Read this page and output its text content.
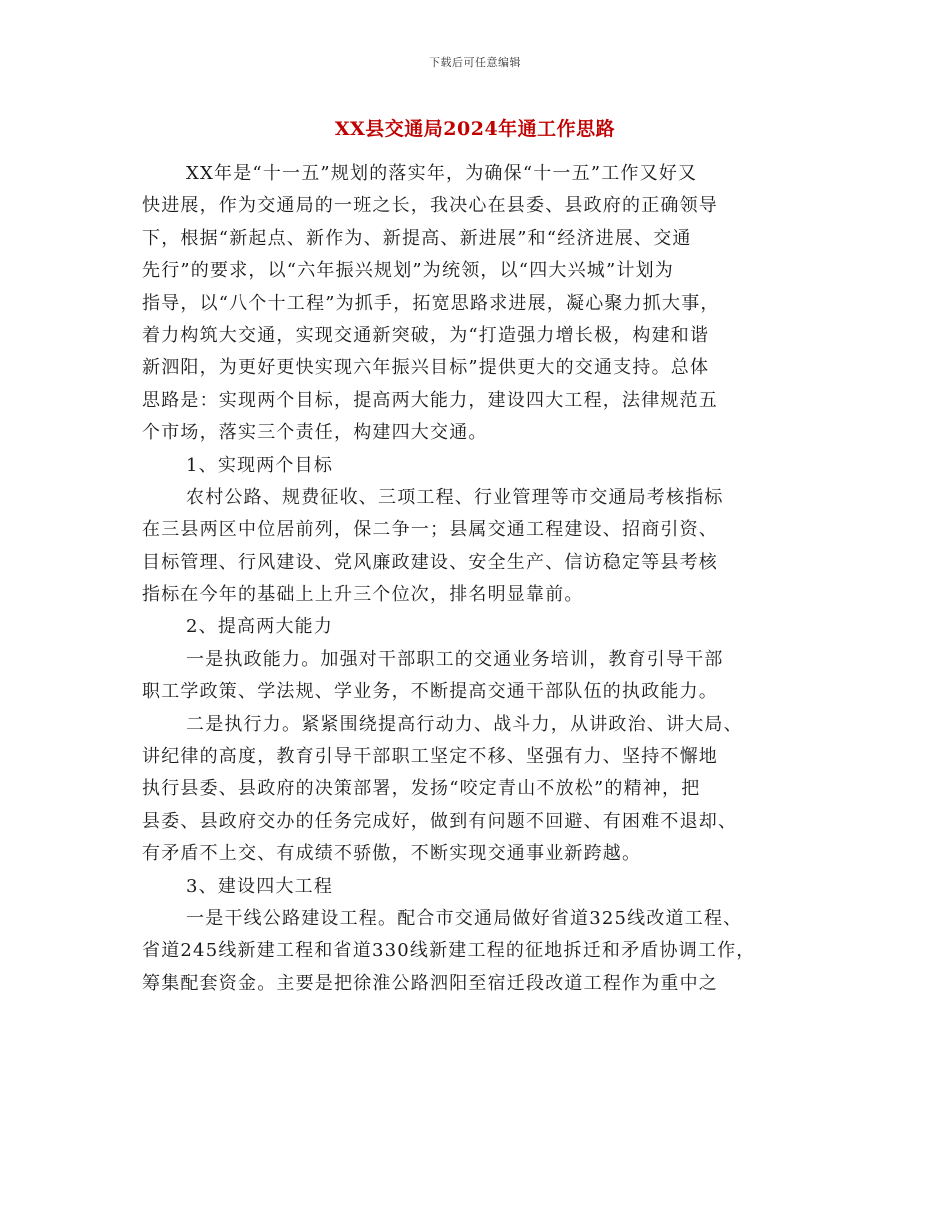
下载后可任意编辑
XX县交通局2024年通工作思路
XX年是“十一五”规划的落实年，为确保“十一五”工作又好又
快进展，作为交通局的一班之长，我决心在县委、县政府的正确领导
下，根据“新起点、新作为、新提高、新进展”和“经济进展、交通
先行”的要求，以“六年振兴规划”为统领，以“四大兴城”计划为
指导，以“八个十工程”为抓手，拓宽思路求进展，凝心聚力抓大事，
着力构筑大交通，实现交通新突破，为“打造强力增长极，构建和谐
新泗阳，为更好更快实现六年振兴目标”提供更大的交通支持。总体
思路是：实现两个目标，提高两大能力，建设四大工程，法律规范五
个市场，落实三个责任，构建四大交通。
1、实现两个目标
农村公路、规费征收、三项工程、行业管理等市交通局考核指标
在三县两区中位居前列，保二争一；县属交通工程建设、招商引资、
目标管理、行风建设、党风廉政建设、安全生产、信访稳定等县考核
指标在今年的基础上上升三个位次，排名明显靠前。
2、提高两大能力
一是执政能力。加强对干部职工的交通业务培训，教育引导干部
职工学政策、学法规、学业务，不断提高交通干部队伍的执政能力。
二是执行力。紧紧围绕提高行动力、战斗力，从讲政治、讲大局、
讲纪律的高度，教育引导干部职工坚定不移、坚强有力、坚持不懈地
执行县委、县政府的决策部署，发扬“咬定青山不放松”的精神，把
县委、县政府交办的任务完成好，做到有问题不回避、有困难不退却、
有矛盾不上交、有成绩不骄傲，不断实现交通事业新跨越。
3、建设四大工程
一是干线公路建设工程。配合市交通局做好省道325线改道工程、
省道245线新建工程和省道330线新建工程的征地拆迁和矛盾协调工作，
筹集配套资金。主要是把徐淮公路泗阳至宿迁段改道工程作为重中之
